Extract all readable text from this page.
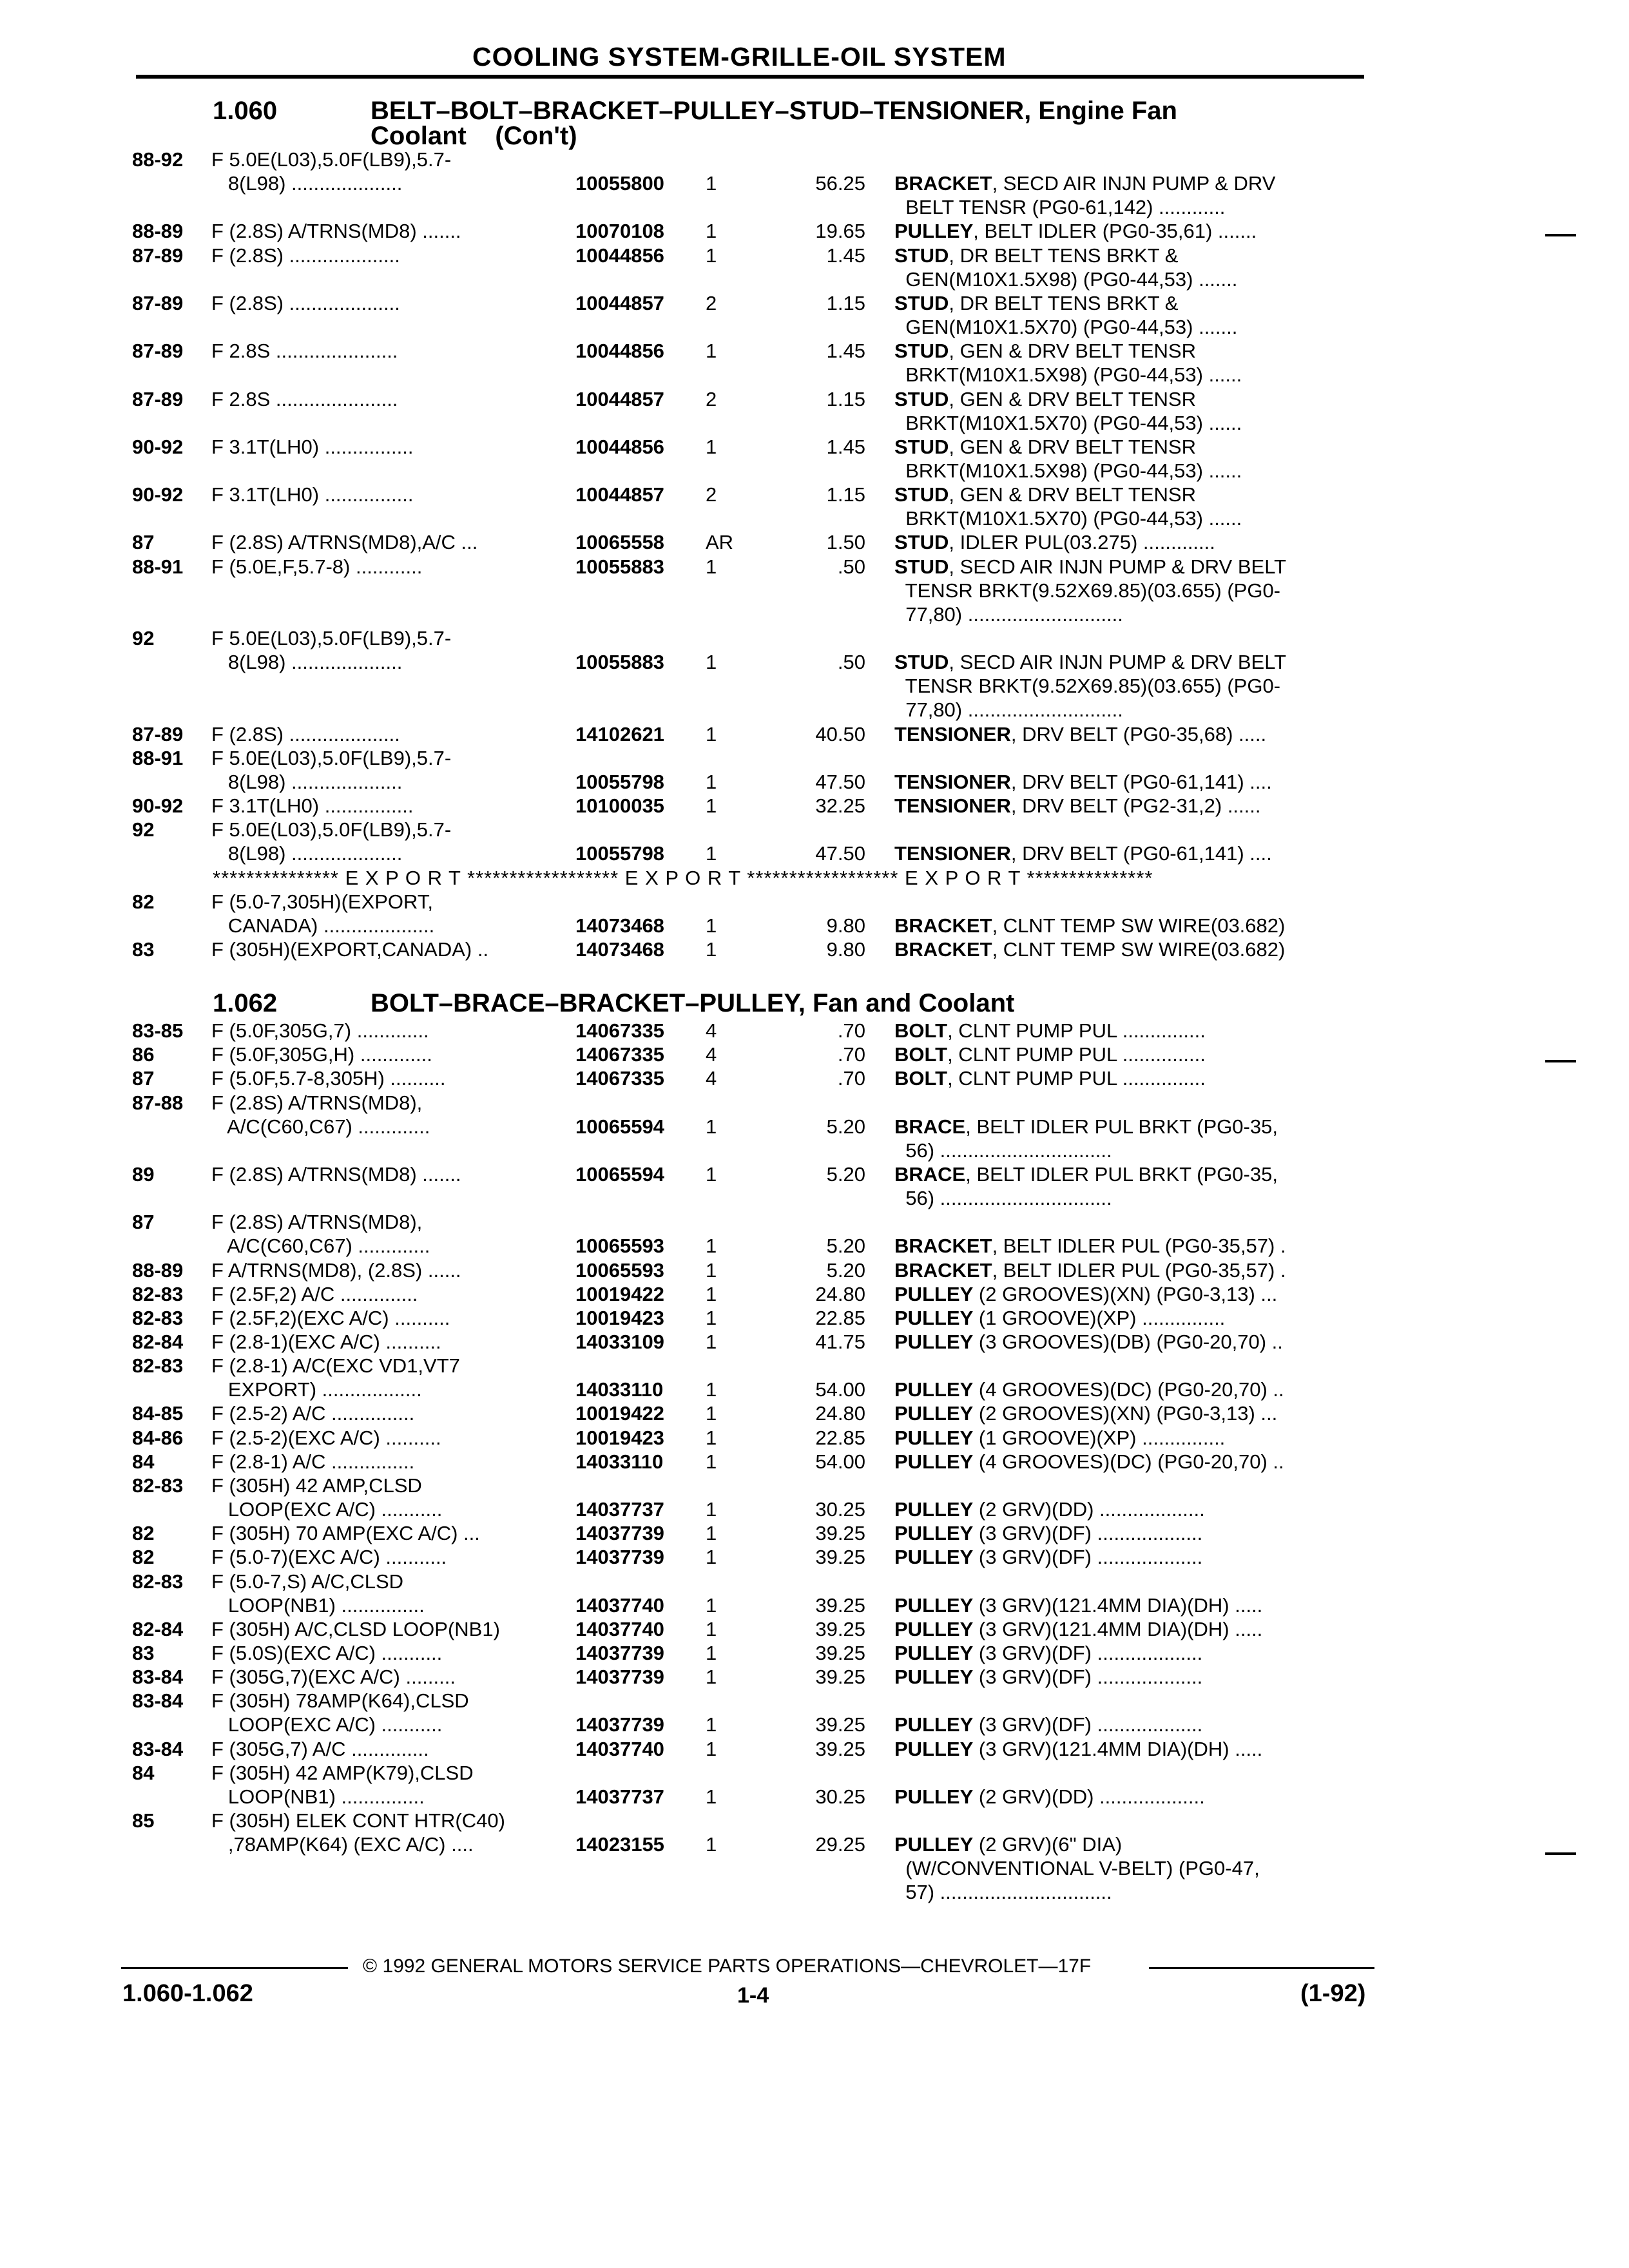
COOLING SYSTEM-GRILLE-OIL SYSTEM
1.060	BELT–BOLT–BRACKET–PULLEY–STUD–TENSIONER, Engine Fan
Coolant    (Con't)
88-92 F 5.0E(L03),5.0F(LB9),5.7-
8(L98) ....................	10055800 1	56.25 BRACKET, SECD AIR INJN PUMP & DRV
BELT TENSR (PG0-61,142) ............
88-89 F (2.8S) A/TRNS(MD8) .......	10070108 1	19.65 PULLEY, BELT IDLER (PG0-35,61) .......
87-89 F (2.8S) ....................	10044856 1	1.45 STUD, DR BELT TENS BRKT &
GEN(M10X1.5X98) (PG0-44,53) .......
87-89 F (2.8S) ....................	10044857 2	1.15 STUD, DR BELT TENS BRKT &
GEN(M10X1.5X70) (PG0-44,53) .......
87-89 F 2.8S ......................	10044856 1	1.45 STUD, GEN & DRV BELT TENSR
BRKT(M10X1.5X98) (PG0-44,53) ......
87-89 F 2.8S ......................	10044857 2	1.15 STUD, GEN & DRV BELT TENSR
BRKT(M10X1.5X70) (PG0-44,53) ......
90-92 F 3.1T(LH0) ................	10044856 1	1.45 STUD, GEN & DRV BELT TENSR
BRKT(M10X1.5X98) (PG0-44,53) ......
90-92 F 3.1T(LH0) ................	10044857 2	1.15 STUD, GEN & DRV BELT TENSR
BRKT(M10X1.5X70) (PG0-44,53) ......
87	F (2.8S) A/TRNS(MD8),A/C ...	10065558 AR	1.50 STUD, IDLER PUL(03.275) .............
88-91 F (5.0E,F,5.7-8) ............	10055883 1	.50 STUD, SECD AIR INJN PUMP & DRV BELT
TENSR BRKT(9.52X69.85)(03.655) (PG0-
77,80) ............................
92	F 5.0E(L03),5.0F(LB9),5.7-
8(L98) ....................	10055883 1	.50 STUD, SECD AIR INJN PUMP & DRV BELT
TENSR BRKT(9.52X69.85)(03.655) (PG0-
77,80) ............................
87-89 F (2.8S) ....................	14102621 1	40.50 TENSIONER, DRV BELT (PG0-35,68) .....
88-91 F 5.0E(L03),5.0F(LB9),5.7-
8(L98) ....................	10055798 1	47.50 TENSIONER, DRV BELT (PG0-61,141) ....
90-92 F 3.1T(LH0) ................	10100035 1	32.25 TENSIONER, DRV BELT (PG2-31,2) ......
92	F 5.0E(L03),5.0F(LB9),5.7-
8(L98) ....................	10055798 1	47.50 TENSIONER, DRV BELT (PG0-61,141) ....
*************** E X P O R T ****************** E X P O R T ****************** E X P O R T ***************
82	F (5.0-7,305H)(EXPORT,
CANADA) ....................	14073468 1	9.80 BRACKET, CLNT TEMP SW WIRE(03.682)
83	F (305H)(EXPORT,CANADA) ..	14073468 1	9.80 BRACKET, CLNT TEMP SW WIRE(03.682)
1.062	BOLT–BRACE–BRACKET–PULLEY, Fan and Coolant
83-85 F (5.0F,305G,7) .............	14067335 4	.70 BOLT, CLNT PUMP PUL ...............
86	F (5.0F,305G,H) .............	14067335 4	.70 BOLT, CLNT PUMP PUL ...............
87	F (5.0F,5.7-8,305H) ..........	14067335 4	.70 BOLT, CLNT PUMP PUL ...............
87-88 F (2.8S) A/TRNS(MD8),
A/C(C60,C67) .............	10065594 1	5.20 BRACE, BELT IDLER PUL BRKT (PG0-35,
56) ...............................
89	F (2.8S) A/TRNS(MD8) .......	10065594 1	5.20 BRACE, BELT IDLER PUL BRKT (PG0-35,
56) ...............................
87	F (2.8S) A/TRNS(MD8),
A/C(C60,C67) .............	10065593 1	5.20 BRACKET, BELT IDLER PUL (PG0-35,57) .
88-89 F A/TRNS(MD8), (2.8S) ......	10065593 1	5.20 BRACKET, BELT IDLER PUL (PG0-35,57) .
82-83 F (2.5F,2) A/C ..............	10019422 1	24.80 PULLEY (2 GROOVES)(XN) (PG0-3,13) ...
82-83 F (2.5F,2)(EXC A/C) ..........	10019423 1	22.85 PULLEY (1 GROOVE)(XP) ...............
82-84 F (2.8-1)(EXC A/C) ..........	14033109 1	41.75 PULLEY (3 GROOVES)(DB) (PG0-20,70) ..
82-83 F (2.8-1) A/C(EXC VD1,VT7
EXPORT) ..................	14033110 1	54.00 PULLEY (4 GROOVES)(DC) (PG0-20,70) ..
84-85 F (2.5-2) A/C ...............	10019422 1	24.80 PULLEY (2 GROOVES)(XN) (PG0-3,13) ...
84-86 F (2.5-2)(EXC A/C) ..........	10019423 1	22.85 PULLEY (1 GROOVE)(XP) ...............
84	F (2.8-1) A/C ...............	14033110 1	54.00 PULLEY (4 GROOVES)(DC) (PG0-20,70) ..
82-83 F (305H) 42 AMP,CLSD
LOOP(EXC A/C) ...........	14037737 1	30.25 PULLEY (2 GRV)(DD) ...................
82	F (305H) 70 AMP(EXC A/C) ...	14037739 1	39.25 PULLEY (3 GRV)(DF) ...................
82	F (5.0-7)(EXC A/C) ...........	14037739 1	39.25 PULLEY (3 GRV)(DF) ...................
82-83 F (5.0-7,S) A/C,CLSD
LOOP(NB1) ...............	14037740 1	39.25 PULLEY (3 GRV)(121.4MM DIA)(DH) .....
82-84 F (305H) A/C,CLSD LOOP(NB1)	14037740 1	39.25 PULLEY (3 GRV)(121.4MM DIA)(DH) .....
83	F (5.0S)(EXC A/C) ...........	14037739 1	39.25 PULLEY (3 GRV)(DF) ...................
83-84 F (305G,7)(EXC A/C) .........	14037739 1	39.25 PULLEY (3 GRV)(DF) ...................
83-84 F (305H) 78AMP(K64),CLSD
LOOP(EXC A/C) ...........	14037739 1	39.25 PULLEY (3 GRV)(DF) ...................
83-84 F (305G,7) A/C ..............	14037740 1	39.25 PULLEY (3 GRV)(121.4MM DIA)(DH) .....
84	F (305H) 42 AMP(K79),CLSD
LOOP(NB1) ...............	14037737 1	30.25 PULLEY (2 GRV)(DD) ...................
85	F (305H) ELEK CONT HTR(C40)
,78AMP(K64) (EXC A/C) ....	14023155 1	29.25 PULLEY (2 GRV)(6" DIA)
(W/CONVENTIONAL V-BELT) (PG0-47,
57) ...............................
© 1992 GENERAL MOTORS SERVICE PARTS OPERATIONS—CHEVROLET—17F
1.060-1.062	1-4	(1-92)
